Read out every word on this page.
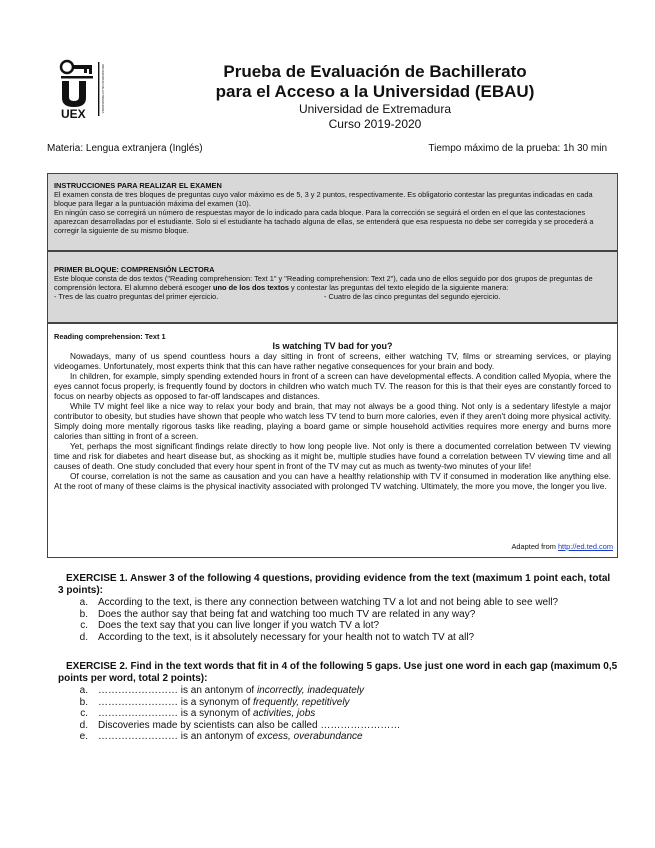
UEX
UNIVERSIDAD DE EXTREMADURA	Prueba de Evaluación de Bachillerato
para el Acceso a la Universidad (EBAU)
Universidad de Extremadura
Curso 2019-2020
Materia: Lengua extranjera (Inglés)	Tiempo máximo de la prueba: 1h 30 min
INSTRUCCIONES PARA REALIZAR EL EXAMEN
El examen consta de tres bloques de preguntas cuyo valor máximo es de 5, 3 y 2 puntos, respectivamente. Es obligatorio contestar las preguntas indicadas en cada bloque para llegar a la puntuación máxima del examen (10).
En ningún caso se corregirá un número de respuestas mayor de lo indicado para cada bloque. Para la corrección se seguirá el orden en el que las contestaciones aparezcan desarrolladas por el estudiante. Solo si el estudiante ha tachado alguna de ellas, se entenderá que esa respuesta no debe ser corregida y se procederá a corregir la siguiente de su mismo bloque.
PRIMER BLOQUE: COMPRENSIÓN LECTORA
Este bloque consta de dos textos ("Reading comprehension: Text 1" y "Reading comprehension: Text 2"), cada uno de ellos seguido por dos grupos de preguntas de comprensión lectora. El alumno deberá escoger uno de los dos textos y contestar las preguntas del texto elegido de la siguiente manera:
- Tres de las cuatro preguntas del primer ejercicio.	- Cuatro de las cinco preguntas del segundo ejercicio.
Reading comprehension: Text 1
Is watching TV bad for you?

Nowadays, many of us spend countless hours a day sitting in front of screens, either watching TV, films or streaming services, or playing videogames. Unfortunately, most experts think that this can have rather negative consequences for your brain and body.

In children, for example, simply spending extended hours in front of a screen can have developmental effects. A condition called Myopia, where the eyes cannot focus properly, is frequently found by doctors in children who watch much TV. The reason for this is that their eyes are constantly forced to focus on nearby objects as opposed to far-off landscapes and distances.

While TV might feel like a nice way to relax your body and brain, that may not always be a good thing. Not only is a sedentary lifestyle a major contributor to obesity, but studies have shown that people who watch less TV tend to burn more calories, even if they aren't doing more physical activity. Simply doing more mentally rigorous tasks like reading, playing a board game or simple household activities requires more energy and burns more calories than sitting in front of a screen.

Yet, perhaps the most significant findings relate directly to how long people live. Not only is there a documented correlation between TV viewing time and risk for diabetes and heart disease but, as shocking as it might be, multiple studies have found a correlation between TV viewing time and all causes of death. One study concluded that every hour spent in front of the TV may cut as much as twenty-two minutes of your life!

Of course, correlation is not the same as causation and you can have a healthy relationship with TV if consumed in moderation like anything else. At the root of many of these claims is the physical inactivity associated with prolonged TV watching. Ultimately, the more you move, the longer you live.

Adapted from http://ed.ted.com
EXERCISE 1. Answer 3 of the following 4 questions, providing evidence from the text (maximum 1 point each, total 3 points):
a.	According to the text, is there any connection between watching TV a lot and not being able to see well?
b.	Does the author say that being fat and watching too much TV are related in any way?
c.	Does the text say that you can live longer if you watch TV a lot?
d.	According to the text, is it absolutely necessary for your health not to watch TV at all?
EXERCISE 2. Find in the text words that fit in 4 of the following 5 gaps. Use just one word in each gap (maximum 0,5 points per word, total 2 points):
a.	…………………… is an antonym of incorrectly, inadequately
b.	…………………… is a synonym of frequently, repetitively
c.	…………………… is a synonym of activities, jobs
d.	Discoveries made by scientists can also be called ……………………
e.	…………………… is an antonym of excess, overabundance
